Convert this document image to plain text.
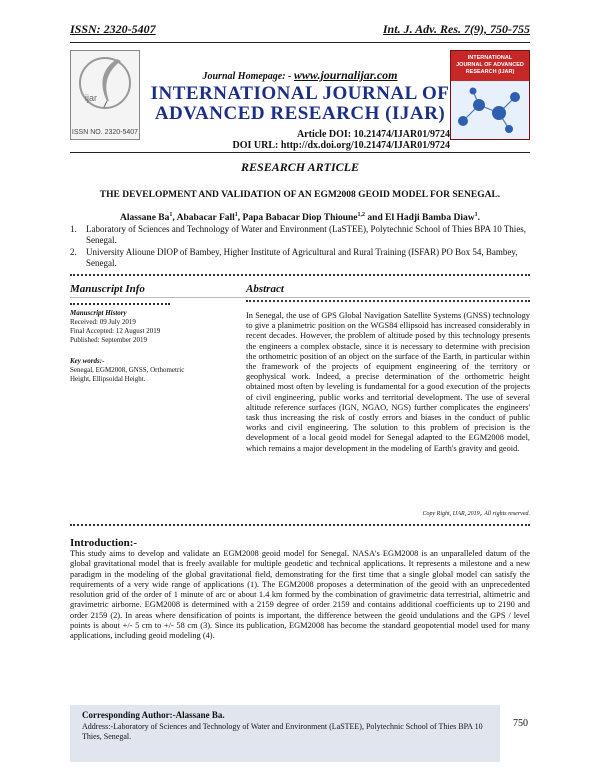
ISSN: 2320-5407	Int. J. Adv. Res. 7(9), 750-755
ijar
ISSN NO. 2320-5407
Journal Homepage: - www.journalijar.com
INTERNATIONAL JOURNAL OF
ADVANCED RESEARCH (IJAR)
Article DOI: 10.21474/IJAR01/9724
DOI URL: http://dx.doi.org/10.21474/IJAR01/9724
INTERNATIONAL JOURNAL OF ADVANCED RESEARCH (IJAR)
RESEARCH ARTICLE
THE DEVELOPMENT AND VALIDATION OF AN EGM2008 GEOID MODEL FOR SENEGAL.
Alassane Ba$^1$, Ababacar Fall$^1$, Papa Babacar Diop Thioune$^{1,2}$ and El Hadji Bamba Diaw$^1$.
1. Laboratory of Sciences and Technology of Water and Environment (LaSTEE), Polytechnic School of Thies BPA 10 Thies, Senegal.
2. University Alioune DIOP of Bambey, Higher Institute of Agricultural and Rural Training (ISFAR) PO Box 54, Bambey, Senegal.
Manuscript Info	Abstract
Manuscript History
Received: 09 July 2019
Final Accepted: 12 August 2019
Published: September 2019
Key words:-
Senegal, EGM2008, GNSS, Orthometric Height, Ellipsoidal Height.
In Senegal, the use of GPS Global Navigation Satellite Systems (GNSS) technology to give a planimetric position on the WGS84 ellipsoid has increased considerably in recent decades. However, the problem of altitude posed by this technology presents the engineers a complex obstacle, since it is necessary to determine with precision the orthometric position of an object on the surface of the Earth, in particular within the framework of the projects of equipment engineering of the territory or geophysical work. Indeed, a precise determination of the orthometric height obtained most often by leveling is fundamental for a good execution of the projects of civil engineering, public works and territorial development. The use of several altitude reference surfaces (IGN, NGAO, NGS) further complicates the engineers' task thus increasing the risk of costly errors and biases in the conduct of public works and civil engineering. The solution to this problem of precision is the development of a local geoid model for Senegal adapted to the EGM2008 model, which remains a major development in the modeling of Earth's gravity and geoid.
Copy Right, IJAR, 2019,. All rights reserved.
Introduction:-
This study aims to develop and validate an EGM2008 geoid model for Senegal. NASA's EGM2008 is an unparalleled datum of the global gravitational model that is freely available for multiple geodetic and technical applications. It represents a milestone and a new paradigm in the modeling of the global gravitational field, demonstrating for the first time that a single global model can satisfy the requirements of a very wide range of applications (1). The EGM2008 proposes a determination of the geoid with an unprecedented resolution grid of the order of 1 minute of arc or about 1.4 km formed by the combination of gravimetric data terrestrial, altimetric and gravimetric airborne. EGM2008 is determined with a 2159 degree of order 2159 and contains additional coefficients up to 2190 and order 2159 (2). In areas where densification of points is important, the difference between the geoid undulations and the GPS / level points is about +/- 5 cm to +/- 58 cm (3). Since its publication, EGM2008 has become the standard geopotential model used for many applications, including geoid modeling (4).
Corresponding Author:-Alassane Ba.
Address:-Laboratory of Sciences and Technology of Water and Environment (LaSTEE), Polytechnic School of Thies BPA 10 Thies, Senegal.
750
